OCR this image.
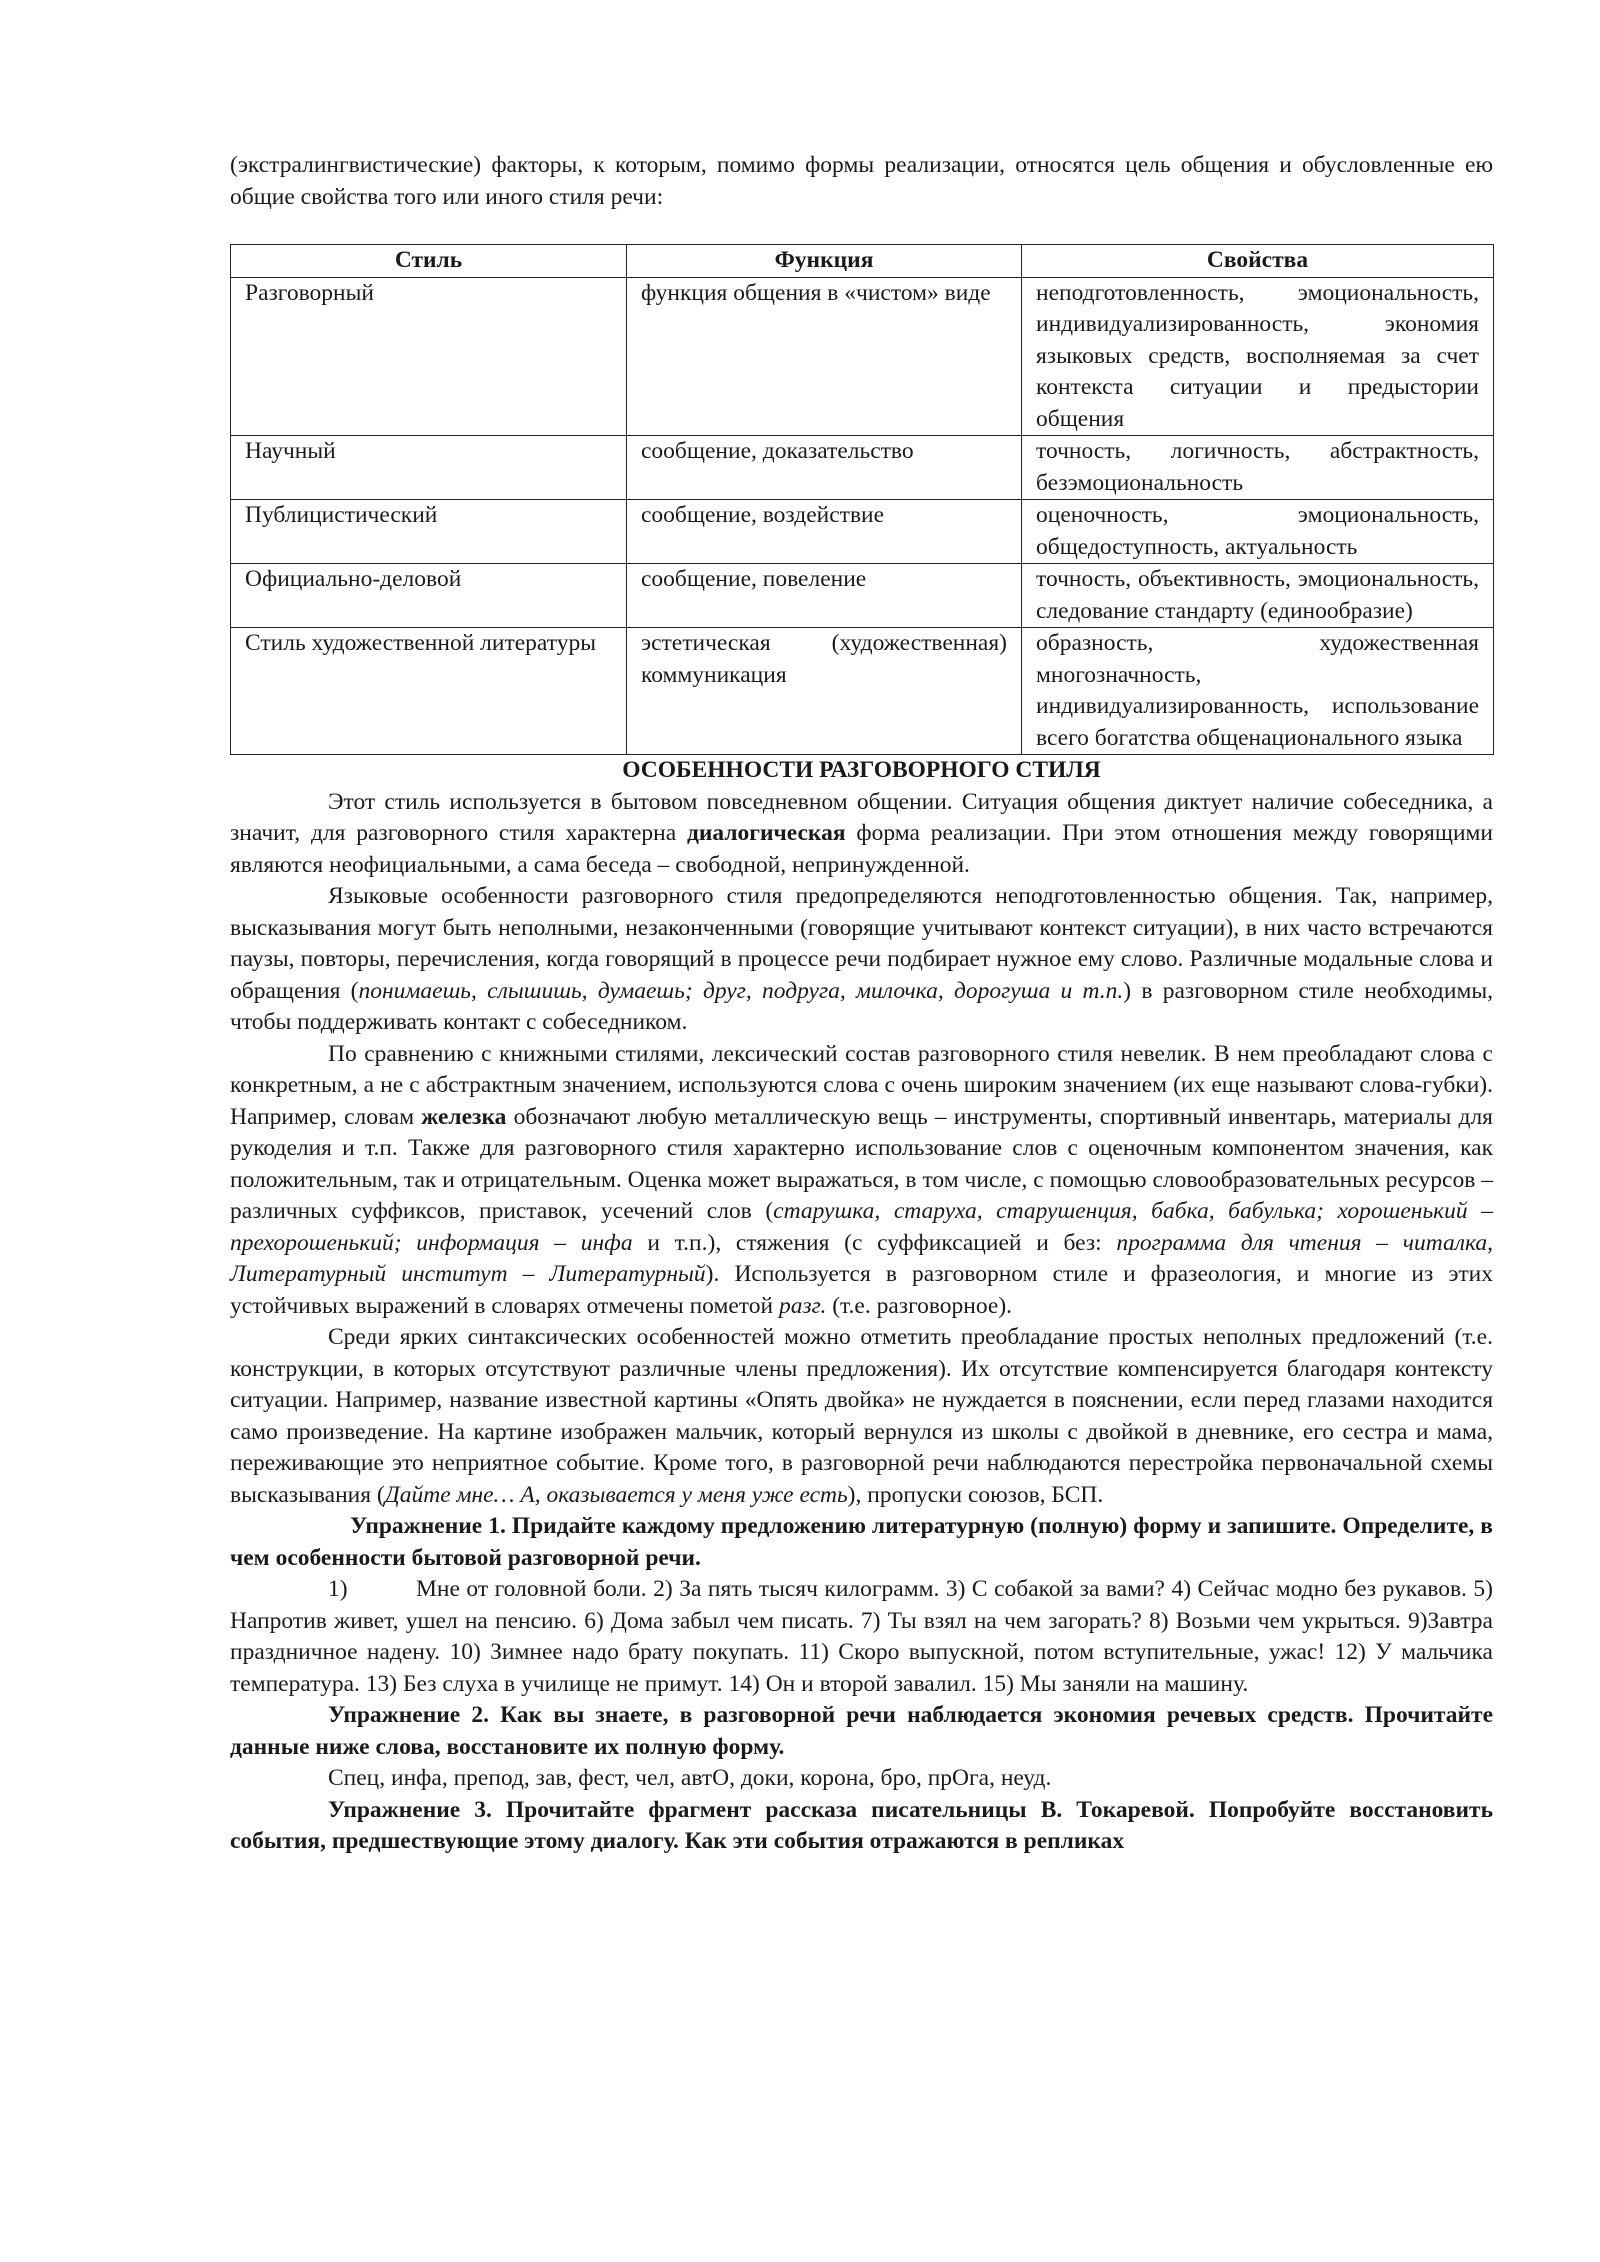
(экстралингвистические) факторы, к которым, помимо формы реализации, относятся цель общения и обусловленные ею общие свойства того или иного стиля речи:

Стиль	Функция	Свойства
Разговорный	функция общения в «чистом» виде	неподготовленность, эмоциональность, индивидуализированность, экономия языковых средств, восполняемая за счет контекста ситуации и предыстории общения
Научный	сообщение, доказательство	точность, логичность, абстрактность, безэмоциональность
Публицистический	сообщение, воздействие	оценочность, эмоциональность, общедоступность, актуальность
Официально-деловой	сообщение, повеление	точность, объективность, эмоциональность, следование стандарту (единообразие)
Стиль художественной литературы	эстетическая (художественная) коммуникация	образность, художественная многозначность, индивидуализированность, использование всего богатства общенационального языка

ОСОБЕННОСТИ РАЗГОВОРНОГО СТИЛЯ

Этот стиль используется в бытовом повседневном общении. Ситуация общения диктует наличие собеседника, а значит, для разговорного стиля характерна диалогическая форма реализации. При этом отношения между говорящими являются неофициальными, а сама беседа – свободной, непринужденной.

Языковые особенности разговорного стиля предопределяются неподготовленностью общения. Так, например, высказывания могут быть неполными, незаконченными (говорящие учитывают контекст ситуации), в них часто встречаются паузы, повторы, перечисления, когда говорящий в процессе речи подбирает нужное ему слово. Различные модальные слова и обращения (понимаешь, слышишь, думаешь; друг, подруга, милочка, дорогуша и т.п.) в разговорном стиле необходимы, чтобы поддерживать контакт с собеседником.

По сравнению с книжными стилями, лексический состав разговорного стиля невелик. В нем преобладают слова с конкретным, а не с абстрактным значением, используются слова с очень широким значением (их еще называют слова-губки). Например, словам железка обозначают любую металлическую вещь – инструменты, спортивный инвентарь, материалы для рукоделия и т.п. Также для разговорного стиля характерно использование слов с оценочным компонентом значения, как положительным, так и отрицательным. Оценка может выражаться, в том числе, с помощью словообразовательных ресурсов – различных суффиксов, приставок, усечений слов (старушка, старуха, старушенция, бабка, бабулька; хорошенький – прехорошенький; информация – инфа и т.п.), стяжения (с суффиксацией и без: программа для чтения – читалка, Литературный институт – Литературный). Используется в разговорном стиле и фразеология, и многие из этих устойчивых выражений в словарях отмечены пометой разг. (т.е. разговорное).

Среди ярких синтаксических особенностей можно отметить преобладание простых неполных предложений (т.е. конструкции, в которых отсутствуют различные члены предложения). Их отсутствие компенсируется благодаря контексту ситуации. Например, название известной картины «Опять двойка» не нуждается в пояснении, если перед глазами находится само произведение. На картине изображен мальчик, который вернулся из школы с двойкой в дневнике, его сестра и мама, переживающие это неприятное событие. Кроме того, в разговорной речи наблюдаются перестройка первоначальной схемы высказывания (Дайте мне… А, оказывается у меня уже есть), пропуски союзов, БСП.

Упражнение 1. Придайте каждому предложению литературную (полную) форму и запишите. Определите, в чем особенности бытовой разговорной речи.

1)	Мне от головной боли. 2) За пять тысяч килограмм. 3) С собакой за вами? 4) Сейчас модно без рукавов. 5) Напротив живет, ушел на пенсию. 6) Дома забыл чем писать. 7) Ты взял на чем загорать? 8) Возьми чем укрыться. 9)Завтра праздничное надену. 10) Зимнее надо брату покупать. 11) Скоро выпускной, потом вступительные, ужас! 12) У мальчика температура. 13) Без слуха в училище не примут. 14) Он и второй завалил. 15) Мы заняли на машину.

Упражнение 2. Как вы знаете, в разговорной речи наблюдается экономия речевых средств. Прочитайте данные ниже слова, восстановите их полную форму.

Спец, инфа, препод, зав, фест, чел, автО, доки, корона, бро, прОга, неуд.

Упражнение 3. Прочитайте фрагмент рассказа писательницы В. Токаревой. Попробуйте восстановить события, предшествующие этому диалогу. Как эти события отражаются в репликах
